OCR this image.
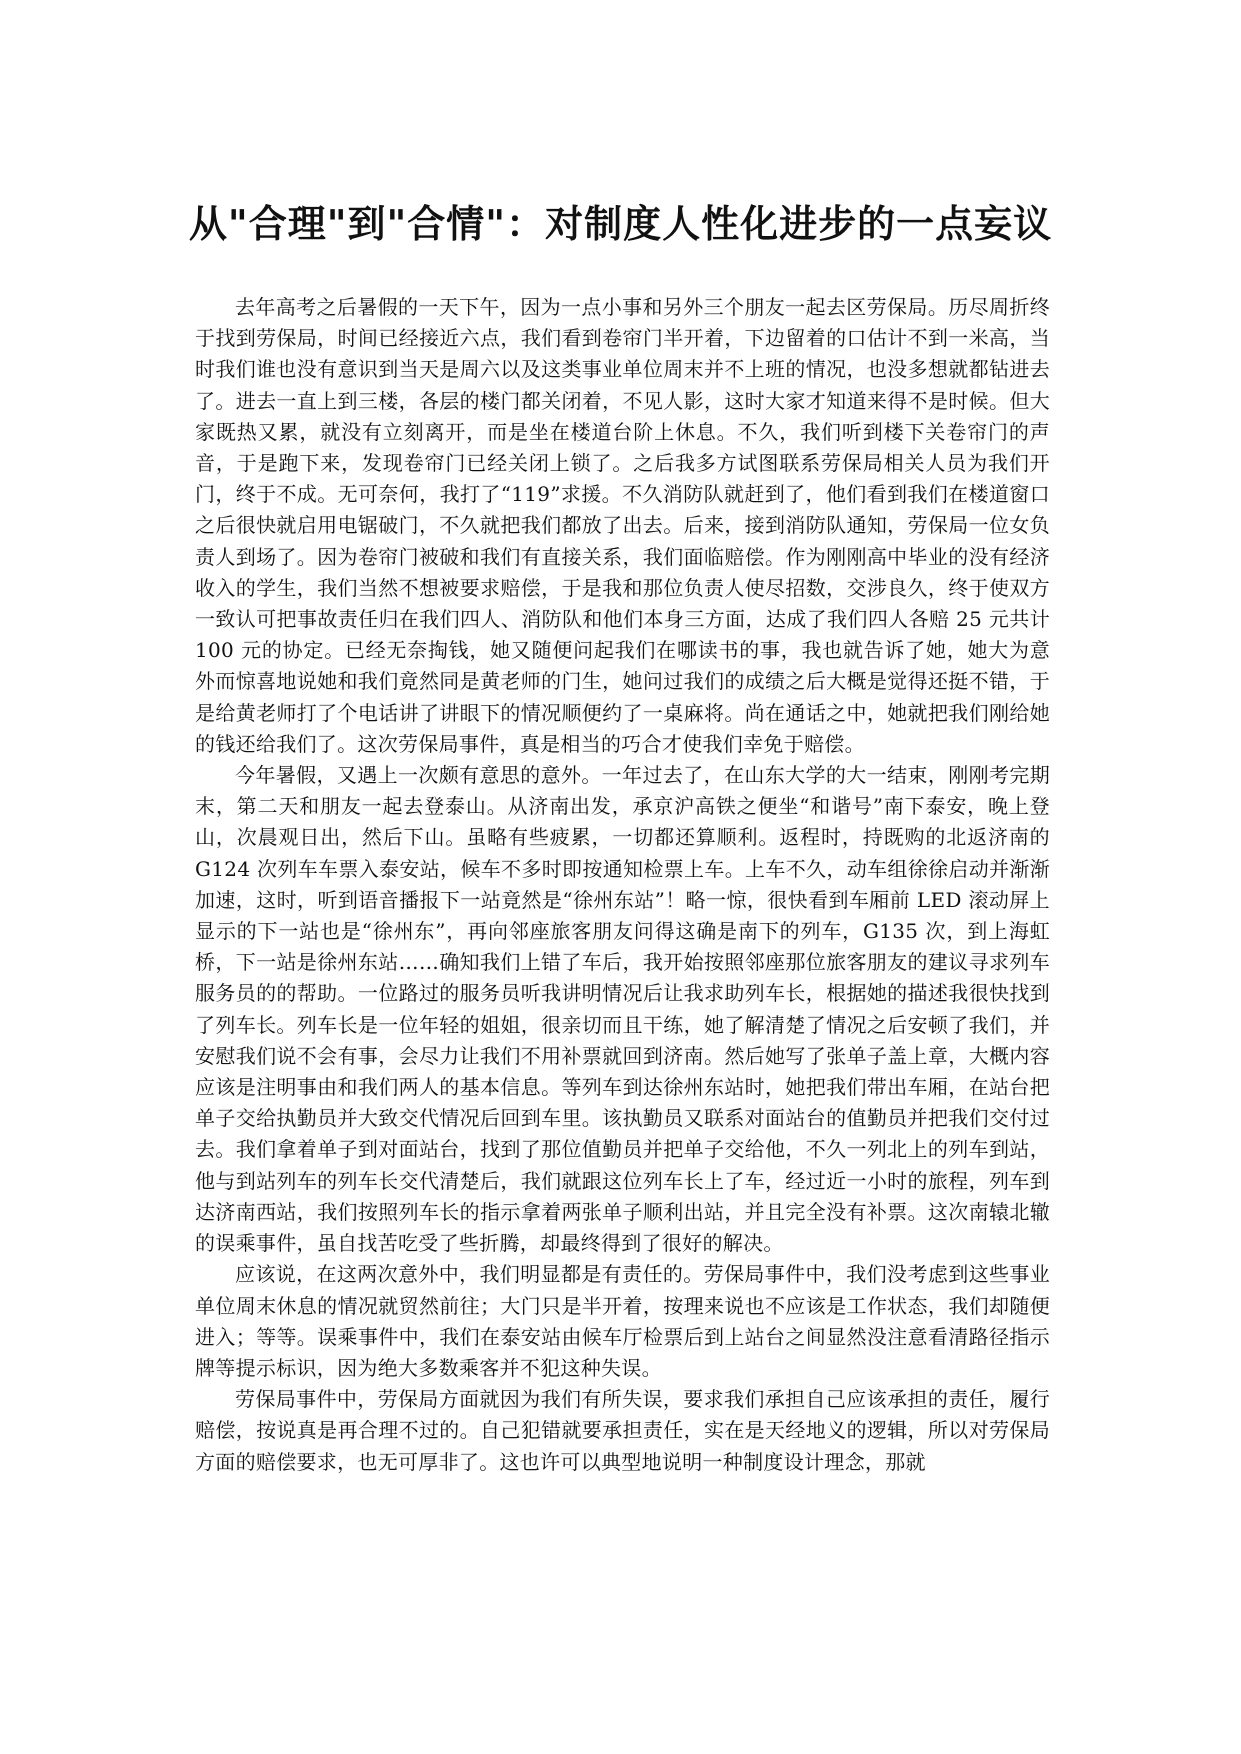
从"合理"到"合情"：对制度人性化进步的一点妄议

去年高考之后暑假的一天下午，因为一点小事和另外三个朋友一起去区劳保局。历尽周折终于找到劳保局，时间已经接近六点，我们看到卷帘门半开着，下边留着的口估计不到一米高，当时我们谁也没有意识到当天是周六以及这类事业单位周末并不上班的情况，也没多想就都钻进去了。进去一直上到三楼，各层的楼门都关闭着，不见人影，这时大家才知道来得不是时候。但大家既热又累，就没有立刻离开，而是坐在楼道台阶上休息。不久，我们听到楼下关卷帘门的声音，于是跑下来，发现卷帘门已经关闭上锁了。之后我多方试图联系劳保局相关人员为我们开门，终于不成。无可奈何，我打了“119”求援。不久消防队就赶到了，他们看到我们在楼道窗口之后很快就启用电锯破门，不久就把我们都放了出去。后来，接到消防队通知，劳保局一位女负责人到场了。因为卷帘门被破和我们有直接关系，我们面临赔偿。作为刚刚高中毕业的没有经济收入的学生，我们当然不想被要求赔偿，于是我和那位负责人使尽招数，交涉良久，终于使双方一致认可把事故责任归在我们四人、消防队和他们本身三方面，达成了我们四人各赔 25 元共计 100 元的协定。已经无奈掏钱，她又随便问起我们在哪读书的事，我也就告诉了她，她大为意外而惊喜地说她和我们竟然同是黄老师的门生，她问过我们的成绩之后大概是觉得还挺不错，于是给黄老师打了个电话讲了讲眼下的情况顺便约了一桌麻将。尚在通话之中，她就把我们刚给她的钱还给我们了。这次劳保局事件，真是相当的巧合才使我们幸免于赔偿。

今年暑假，又遇上一次颇有意思的意外。一年过去了，在山东大学的大一结束，刚刚考完期末，第二天和朋友一起去登泰山。从济南出发，承京沪高铁之便坐“和谐号”南下泰安，晚上登山，次晨观日出，然后下山。虽略有些疲累，一切都还算顺利。返程时，持既购的北返济南的 G124 次列车车票入泰安站，候车不多时即按通知检票上车。上车不久，动车组徐徐启动并渐渐加速，这时，听到语音播报下一站竟然是“徐州东站”！略一惊，很快看到车厢前 LED 滚动屏上显示的下一站也是“徐州东”，再向邻座旅客朋友问得这确是南下的列车，G135 次，到上海虹桥，下一站是徐州东站……确知我们上错了车后，我开始按照邻座那位旅客朋友的建议寻求列车服务员的的帮助。一位路过的服务员听我讲明情况后让我求助列车长，根据她的描述我很快找到了列车长。列车长是一位年轻的姐姐，很亲切而且干练，她了解清楚了情况之后安顿了我们，并安慰我们说不会有事，会尽力让我们不用补票就回到济南。然后她写了张单子盖上章，大概内容应该是注明事由和我们两人的基本信息。等列车到达徐州东站时，她把我们带出车厢，在站台把单子交给执勤员并大致交代情况后回到车里。该执勤员又联系对面站台的值勤员并把我们交付过去。我们拿着单子到对面站台，找到了那位值勤员并把单子交给他，不久一列北上的列车到站，他与到站列车的列车长交代清楚后，我们就跟这位列车长上了车，经过近一小时的旅程，列车到达济南西站，我们按照列车长的指示拿着两张单子顺利出站，并且完全没有补票。这次南辕北辙的误乘事件，虽自找苦吃受了些折腾，却最终得到了很好的解决。

应该说，在这两次意外中，我们明显都是有责任的。劳保局事件中，我们没考虑到这些事业单位周末休息的情况就贸然前往；大门只是半开着，按理来说也不应该是工作状态，我们却随便进入；等等。误乘事件中，我们在泰安站由候车厅检票后到上站台之间显然没注意看清路径指示牌等提示标识，因为绝大多数乘客并不犯这种失误。

劳保局事件中，劳保局方面就因为我们有所失误，要求我们承担自己应该承担的责任，履行赔偿，按说真是再合理不过的。自己犯错就要承担责任，实在是天经地义的逻辑，所以对劳保局方面的赔偿要求，也无可厚非了。这也许可以典型地说明一种制度设计理念，那就
